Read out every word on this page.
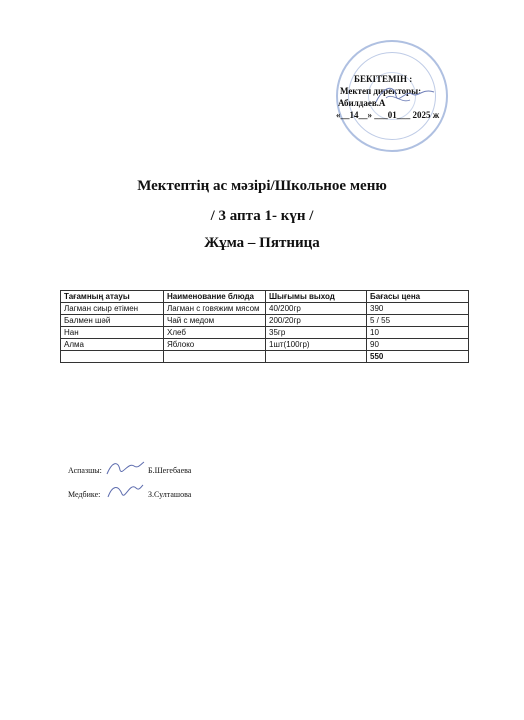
БЕКІТЕМІН :
Мектеп директоры:
Абилдаев.А
«__14__» ___01___ 2025 ж
Мектептің ас мәзірі/Школьное меню
/ 3 апта 1- күн /
Жұма – Пятница
Тағамның атауы	Наименование блюда	Шығымы выход	Бағасы цена
Лагман сиыр етімен	Лагман с говяжим мясом	40/200гр	390
Балмен шәй	Чай с медом	200/20гр	5 / 55
Нан	Хлеб	35гр	10
Алма	Яблоко	1шт(100гр)	90
			550
Аспазшы:	Б.Шегебаева
Медбике:	З.Султашова
